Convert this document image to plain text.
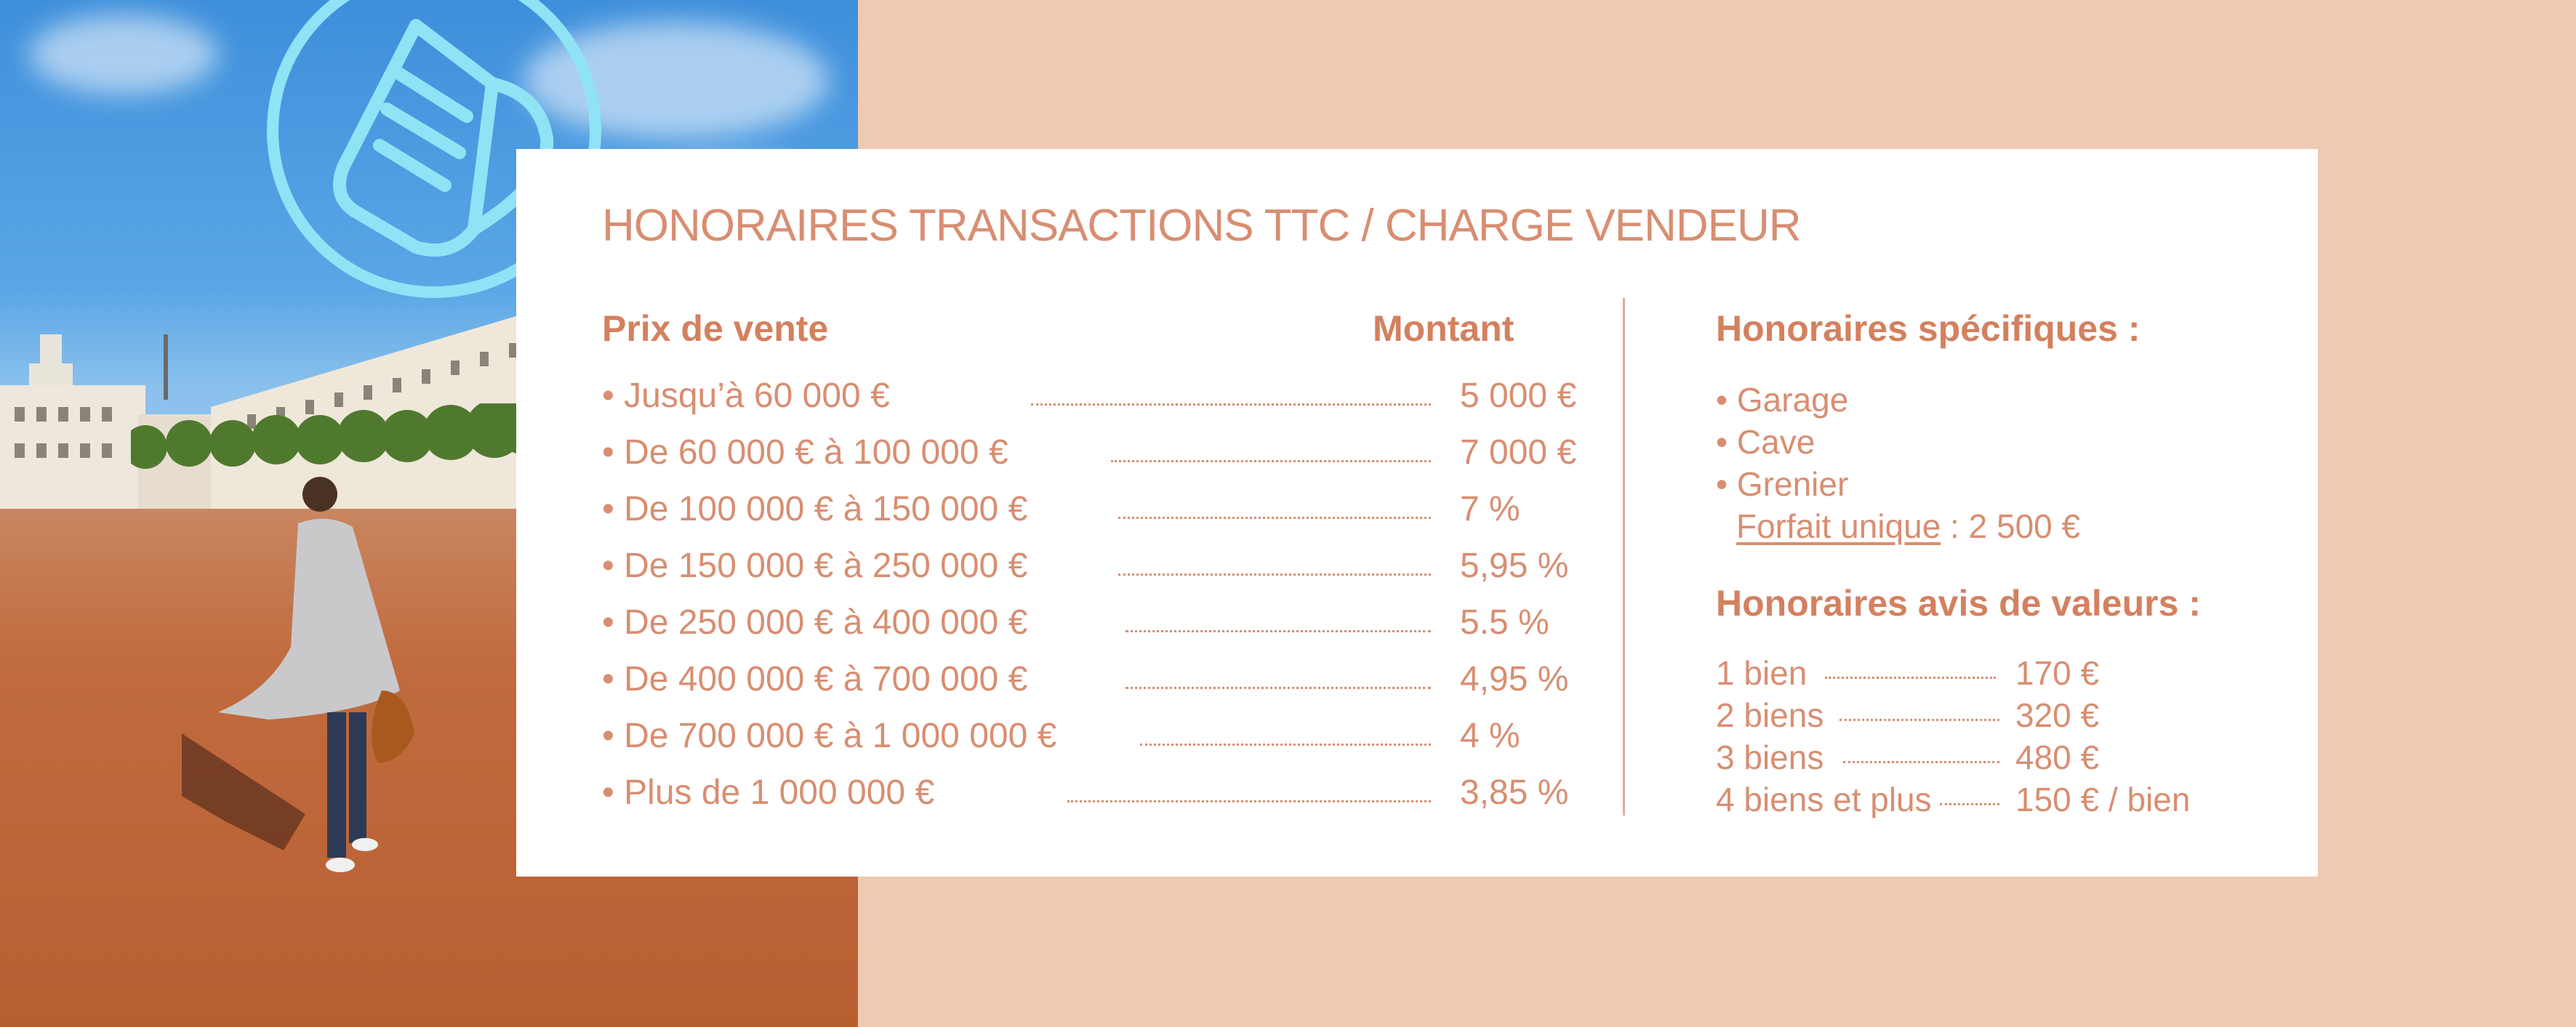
HONORAIRES TRANSACTIONS TTC / CHARGE VENDEUR
Prix de vente	Montant
• Jusqu’à 60 000 €	5 000 €
• De 60 000 € à 100 000 €	7 000 €
• De 100 000 € à 150 000 €	7 %
• De 150 000 € à 250 000 €	5,95 %
• De 250 000 € à 400 000 €	5.5 %
• De 400 000 € à 700 000 €	4,95 %
• De 700 000 € à 1 000 000 €	4 %
• Plus de 1 000 000 €	3,85 %
Honoraires spécifiques :
• Garage
• Cave
• Grenier
Forfait unique : 2 500 €
Honoraires avis de valeurs :
1 bien	170 €
2 biens	320 €
3 biens	480 €
4 biens et plus	150 € / bien
